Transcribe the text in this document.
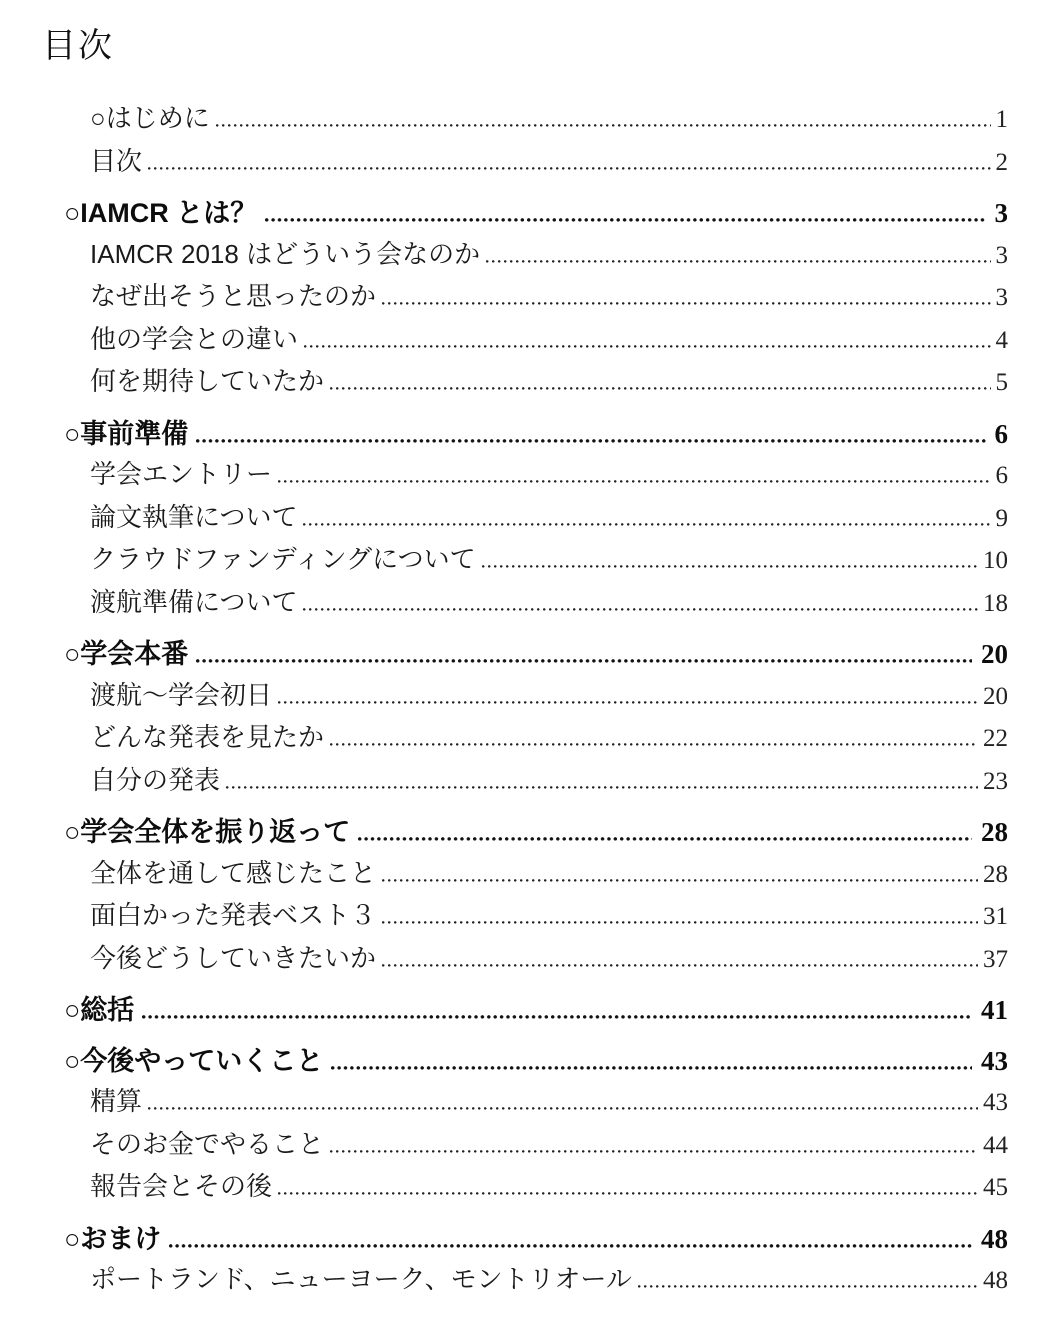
目次
○はじめに	1
目次	2
○IAMCR とは？	3
IAMCR 2018 はどういう会なのか	3
なぜ出そうと思ったのか	3
他の学会との違い	4
何を期待していたか	5
○事前準備	6
学会エントリー	6
論文執筆について	9
クラウドファンディングについて	10
渡航準備について	18
○学会本番	20
渡航～学会初日	20
どんな発表を見たか	22
自分の発表	23
○学会全体を振り返って	28
全体を通して感じたこと	28
面白かった発表ベスト３	31
今後どうしていきたいか	37
○総括	41
○今後やっていくこと	43
精算	43
そのお金でやること	44
報告会とその後	45
○おまけ	48
ポートランド、ニューヨーク、モントリオール	48
